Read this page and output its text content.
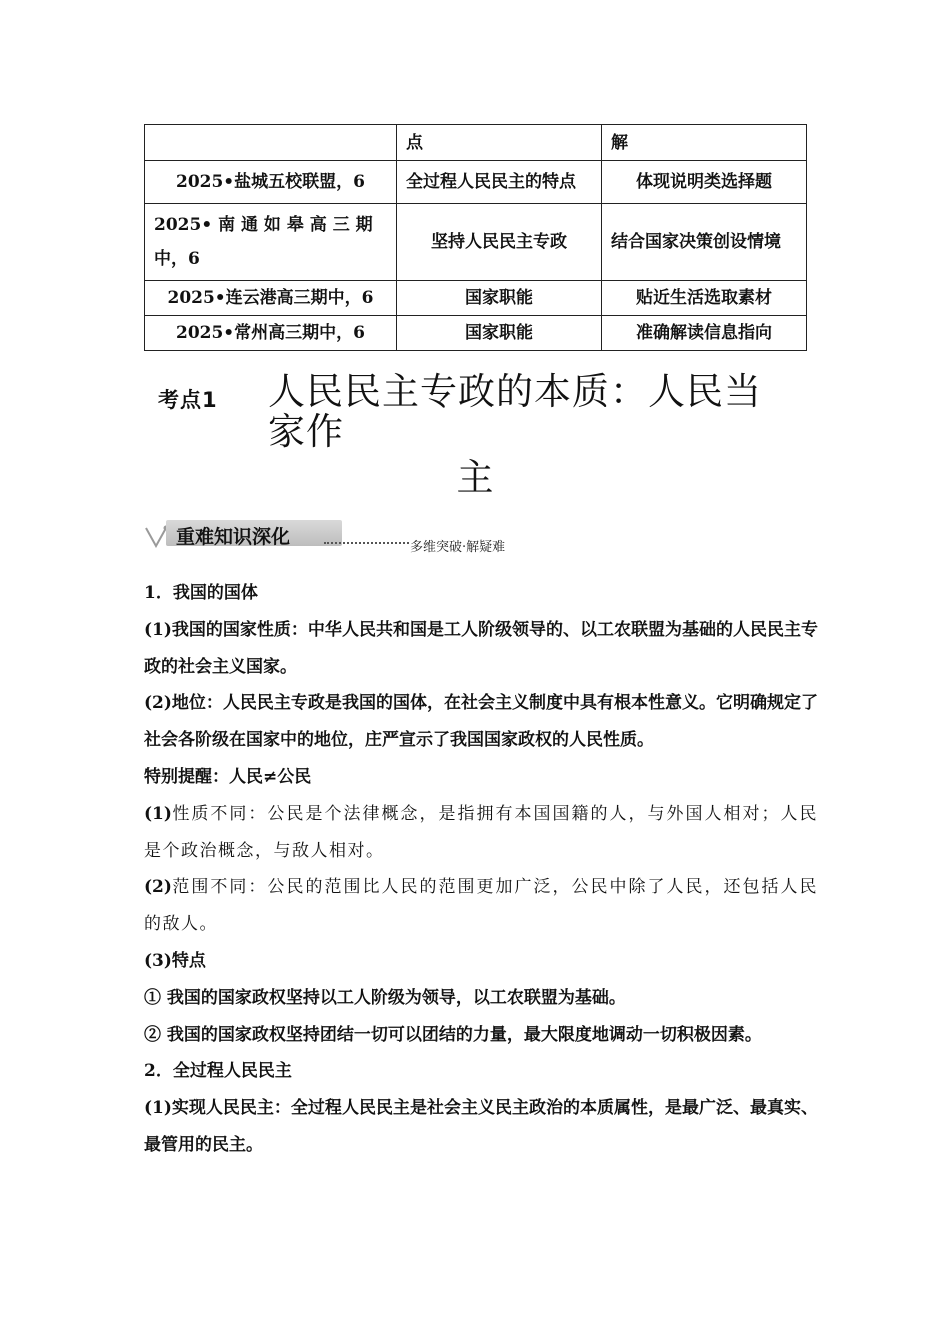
	点	解
2025•盐城五校联盟，6	全过程人民民主的特点	体现说明类选择题
2025• 南 通 如 皋 高 三 期中，6	坚持人民民主专政	结合国家决策创设情境
2025•连云港高三期中，6	国家职能	贴近生活选取素材
2025•常州高三期中，6	国家职能	准确解读信息指向
考点1 人民民主专政的本质：人民当家作
主
重难知识深化	多维突破·解疑难

1．我国的国体

(1)我国的国家性质：中华人民共和国是工人阶级领导的、以工农联盟为基础的人民民主专政的社会主义国家。

(2)地位：人民民主专政是我国的国体，在社会主义制度中具有根本性意义。它明确规定了社会各阶级在国家中的地位，庄严宣示了我国国家政权的人民性质。

特别提醒：人民≠公民

(1)性质不同：公民是个法律概念，是指拥有本国国籍的人，与外国人相对；人民是个政治概念，与敌人相对。

(2)范围不同：公民的范围比人民的范围更加广泛，公民中除了人民，还包括人民的敌人。

(3)特点

① 我国的国家政权坚持以工人阶级为领导，以工农联盟为基础。

② 我国的国家政权坚持团结一切可以团结的力量，最大限度地调动一切积极因素。

2．全过程人民民主

(1)实现人民民主：全过程人民民主是社会主义民主政治的本质属性，是最广泛、最真实、最管用的民主。
